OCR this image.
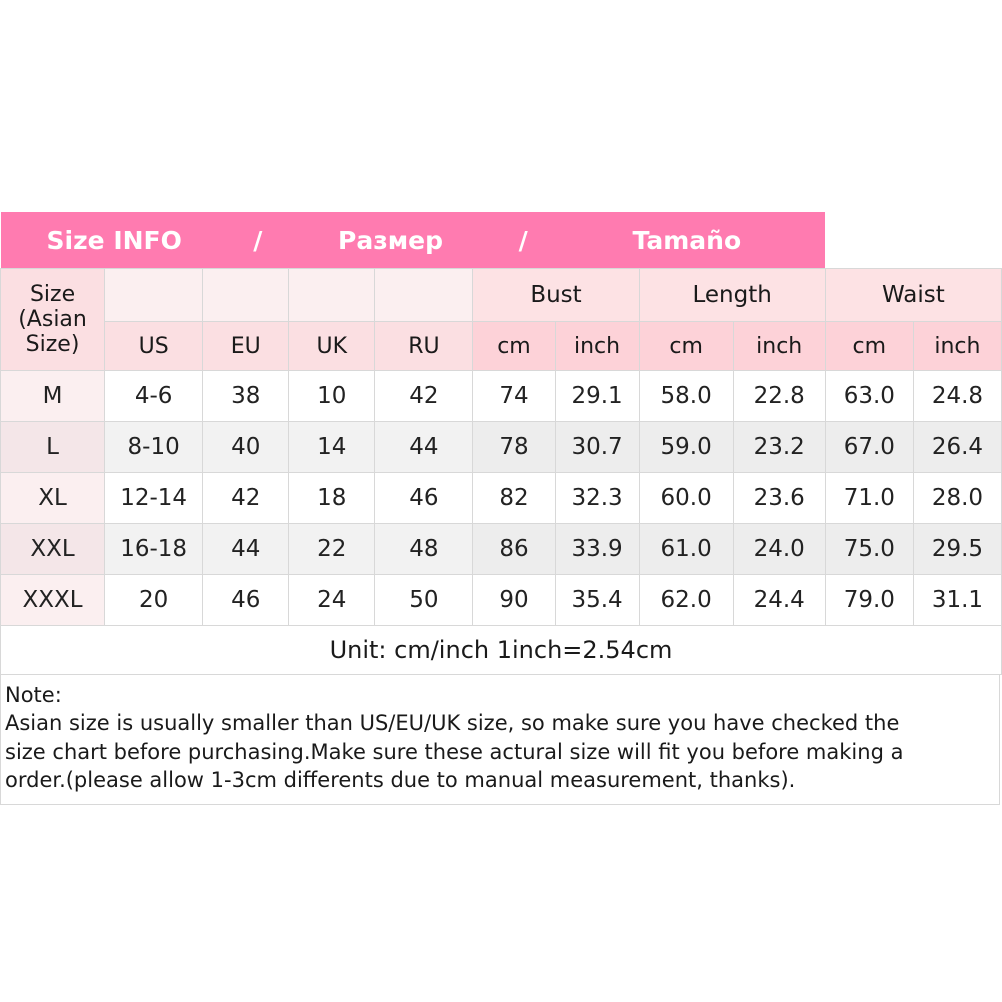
Size INFO / Размер / Tamaño										

Size (Asian Size)					Bust		Length		Waist	
	US	EU	UK	RU	cm	inch	cm	inch	cm	inch
M	4-6	38	10	42	74	29.1	58.0	22.8	63.0	24.8
L	8-10	40	14	44	78	30.7	59.0	23.2	67.0	26.4
XL	12-14	42	18	46	82	32.3	60.0	23.6	71.0	28.0
XXL	16-18	44	22	48	86	33.9	61.0	24.0	75.0	29.5
XXXL	20	46	24	50	90	35.4	62.0	24.4	79.0	31.1
Unit: cm/inch 1inch=2.54cm										
Note:
Asian size is usually smaller than US/EU/UK size, so make sure you have checked the
size chart before purchasing.Make sure these actural size will fit you before making a
order.(please allow 1-3cm differents due to manual measurement, thanks).
